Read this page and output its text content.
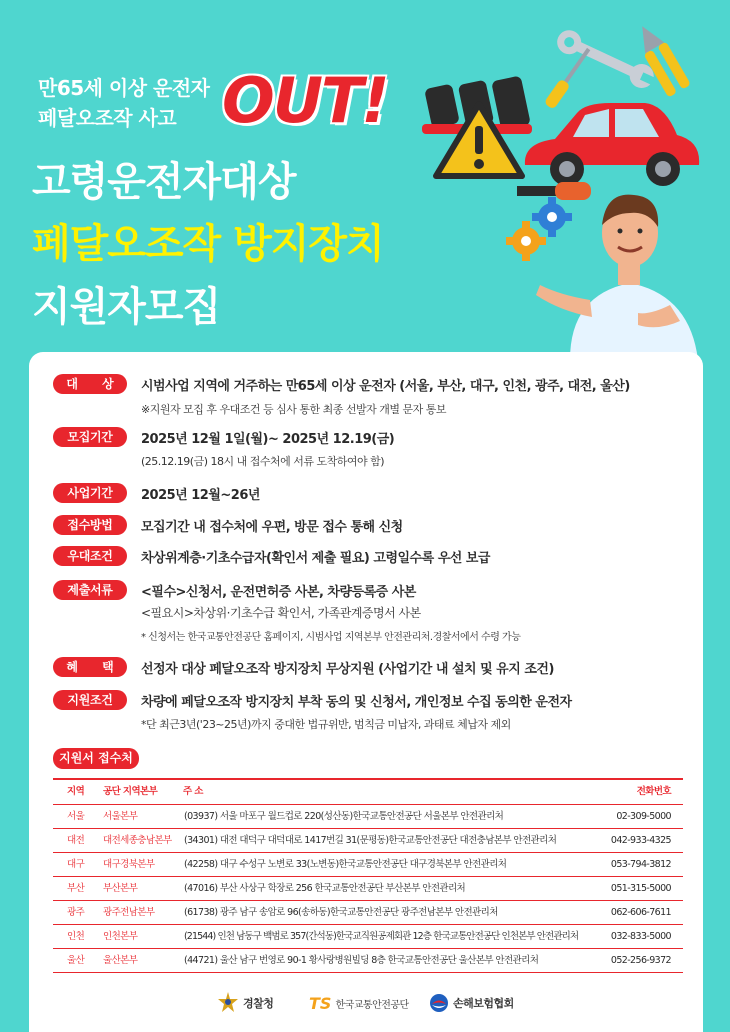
만65세 이상 운전자
페달오조작 사고 OUT!
고령운전자대상
페달오조작 방지장치
지원자모집
대 상 시범사업 지역에 거주하는 만65세 이상 운전자 (서울, 부산, 대구, 인천, 광주, 대전, 울산)
※지원자 모집 후 우대조건 등 심사 통한 최종 선발자 개별 문자 통보
모집기간	2025년 12월 1일(월)~ 2025년 12.19(금)
(25.12.19(금) 18시 내 접수처에 서류 도착하여야 함)
사업기간	2025년 12월~26년
접수방법	모집기간 내 접수처에 우편, 방문 접수 통해 신청
우대조건	차상위계층·기초수급자(확인서 제출 필요) 고령일수록 우선 보급
제출서류	<필수>신청서, 운전면허증 사본, 차량등록증 사본
<필요시>차상위·기초수급 확인서, 가족관계증명서 사본
* 신청서는 한국교통안전공단 홈페이지, 시범사업 지역본부 안전관리처.경찰서에서 수령 가능
혜 택 선정자 대상 페달오조작 방지장치 무상지원 (사업기간 내 설치 및 유지 조건)
지원조건	차량에 페달오조작 방지장치 부착 동의 및 신청서, 개인정보 수집 동의한 운전자
*단 최근3년('23~25년)까지 중대한 법규위반, 범칙금 미납자, 과태료 체납자 제외
지원서 접수처
지역 공단 지역본부	주 소	전화번호
서울 서울본부	(03937) 서울 마포구 월드컵로 220(성산동)한국교통안전공단 서울본부 안전관리처	02-309-5000
대전 대전세종충남본부 (34301) 대전 대덕구 대덕대로 1417번길 31(문평동)한국교통안전공단 대전충남본부 안전관리처	042-933-4325
대구 대구경북본부	(42258) 대구 수성구 노변로 33(노변동)한국교통안전공단 대구경북본부 안전관리처	053-794-3812
부산 부산본부	(47016) 부산 사상구 학장로 256 한국교통안전공단 부산본부 안전관리처	051-315-5000
광주 광주전남본부	(61738) 광주 남구 송암로 96(송하동)한국교통안전공단 광주전남본부 안전관리처	062-606-7611
인천 인천본부	(21544) 인천 남동구 백범로 357(간석동)한국교직원공제회관 12층 한국교통안전공단 인천본부 안전관리처	032-833-5000
울산 울산본부	(44721) 울산 남구 번영로 90-1 황사랑병원빌딩 8층 한국교통안전공단 울산본부 안전관리처	052-256-9372
경찰청 TS 한국교통안전공단	손해보험협회
